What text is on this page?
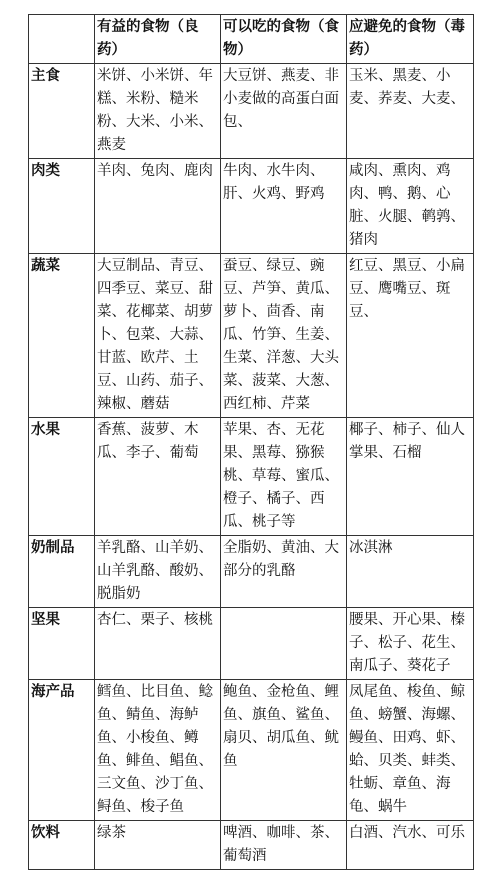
	有益的食物（良药）	可以吃的食物（食物）	应避免的食物（毒药）
主食	米饼、小米饼、年糕、米粉、糙米粉、大米、小米、燕麦	大豆饼、燕麦、非小麦做的高蛋白面包、	玉米、黑麦、小麦、荞麦、大麦、
肉类	羊肉、兔肉、鹿肉	牛肉、水牛肉、肝、火鸡、野鸡	咸肉、熏肉、鸡肉、鸭、鹅、心脏、火腿、鹌鹑、猪肉
蔬菜	大豆制品、青豆、四季豆、菜豆、甜菜、花椰菜、胡萝卜、包菜、大蒜、甘蓝、欧芹、土豆、山药、茄子、辣椒、蘑菇	蚕豆、绿豆、豌豆、芦笋、黄瓜、萝卜、茴香、南瓜、竹笋、生姜、生菜、洋葱、大头菜、菠菜、大葱、西红柿、芹菜	红豆、黑豆、小扁豆、鹰嘴豆、斑豆、
水果	香蕉、菠萝、木瓜、李子、葡萄	苹果、杏、无花果、黑莓、猕猴桃、草莓、蜜瓜、橙子、橘子、西瓜、桃子等	椰子、柿子、仙人掌果、石榴
奶制品	羊乳酪、山羊奶、山羊乳酪、酸奶、脱脂奶	全脂奶、黄油、大部分的乳酪	冰淇淋
坚果	杏仁、栗子、核桃		腰果、开心果、榛子、松子、花生、南瓜子、葵花子
海产品	鳕鱼、比目鱼、鲶鱼、鲭鱼、海鲈鱼、小梭鱼、鳟鱼、鲱鱼、鲳鱼、三文鱼、沙丁鱼、鲟鱼、梭子鱼	鲍鱼、金枪鱼、鲤鱼、旗鱼、鲨鱼、扇贝、胡瓜鱼、鱿鱼	凤尾鱼、梭鱼、鲸鱼、螃蟹、海螺、鳗鱼、田鸡、虾、蛤、贝类、蚌类、牡蛎、章鱼、海龟、蜗牛
饮料	绿茶	啤酒、咖啡、茶、葡萄酒	白酒、汽水、可乐
